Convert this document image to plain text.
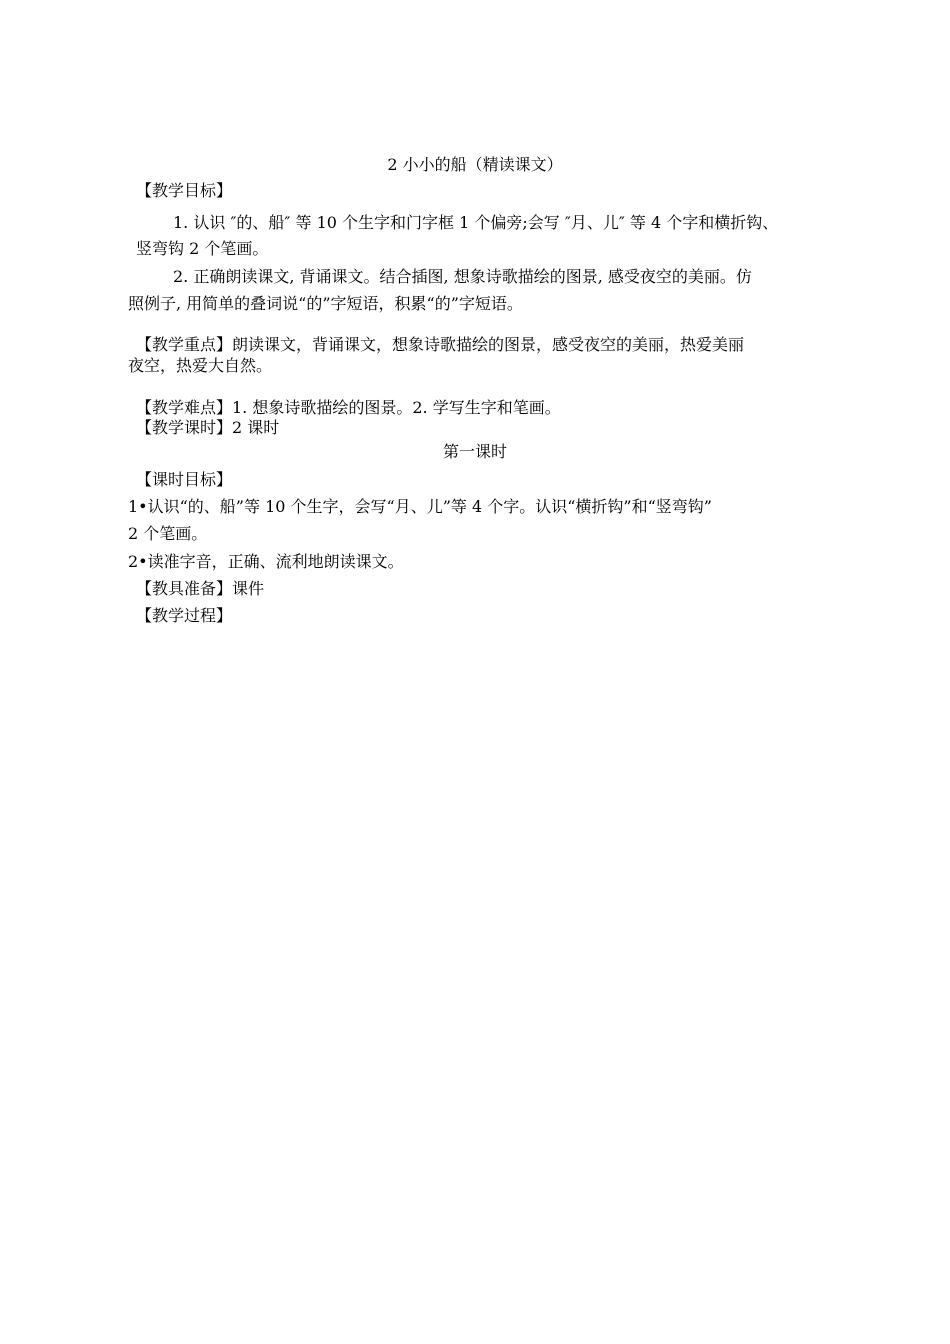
2 小小的船（精读课文）
【教学目标】
1. 认识 ″的、船″ 等 10 个生字和门字框 1 个偏旁;会写 ″月、儿″ 等 4 个字和横折钩、
竖弯钩 2 个笔画。
2. 正确朗读课文, 背诵课文。结合插图, 想象诗歌描绘的图景, 感受夜空的美丽。仿
照例子, 用简单的叠词说“的”字短语，积累“的”字短语。
【教学重点】朗读课文，背诵课文，想象诗歌描绘的图景，感受夜空的美丽，热爱美丽
夜空，热爱大自然。
【教学难点】1. 想象诗歌描绘的图景。2. 学写生字和笔画。
【教学课时】2 课时
第一课时
【课时目标】
1•认识“的、船”等 10 个生字，会写“月、儿”等 4 个字。认识“横折钩”和“竖弯钩”
2 个笔画。
2•读准字音，正确、流利地朗读课文。
【教具准备】课件
【教学过程】
